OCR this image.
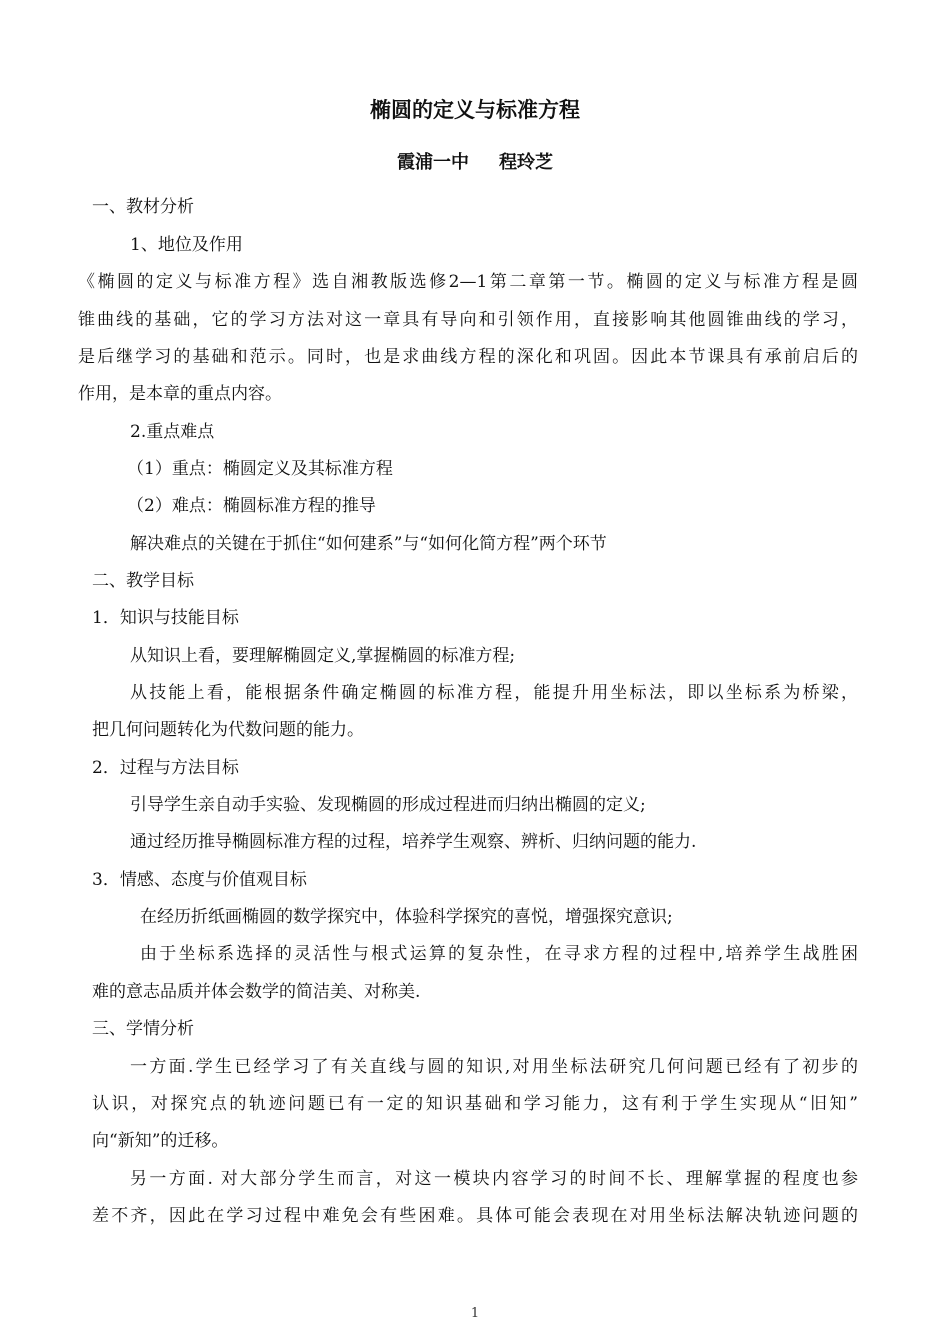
椭圆的定义与标准方程
霞浦一中 程玲芝
一、教材分析
1、地位及作用
《椭圆的定义与标准方程》选自湘教版选修2—1第二章第一节。椭圆的定义与标准方程是圆
锥曲线的基础，它的学习方法对这一章具有导向和引领作用，直接影响其他圆锥曲线的学习，
是后继学习的基础和范示。同时，也是求曲线方程的深化和巩固。因此本节课具有承前启后的
作用，是本章的重点内容。
2.重点难点
（1）重点：椭圆定义及其标准方程
（2）难点：椭圆标准方程的推导
解决难点的关键在于抓住“如何建系”与“如何化简方程”两个环节
二、教学目标
1．知识与技能目标
从知识上看，要理解椭圆定义,掌握椭圆的标准方程;
从技能上看，能根据条件确定椭圆的标准方程，能提升用坐标法，即以坐标系为桥梁，
把几何问题转化为代数问题的能力。
2．过程与方法目标
引导学生亲自动手实验、发现椭圆的形成过程进而归纳出椭圆的定义;
通过经历推导椭圆标准方程的过程，培养学生观察、辨析、归纳问题的能力.
3．情感、态度与价值观目标
在经历折纸画椭圆的数学探究中，体验科学探究的喜悦，增强探究意识;
由于坐标系选择的灵活性与根式运算的复杂性，在寻求方程的过程中,培养学生战胜困
难的意志品质并体会数学的简洁美、对称美.
三、学情分析
一方面.学生已经学习了有关直线与圆的知识,对用坐标法研究几何问题已经有了初步的
认识，对探究点的轨迹问题已有一定的知识基础和学习能力，这有利于学生实现从“旧知”
向“新知”的迁移。
另一方面. 对大部分学生而言，对这一模块内容学习的时间不长、理解掌握的程度也参
差不齐，因此在学习过程中难免会有些困难。具体可能会表现在对用坐标法解决轨迹问题的
1
